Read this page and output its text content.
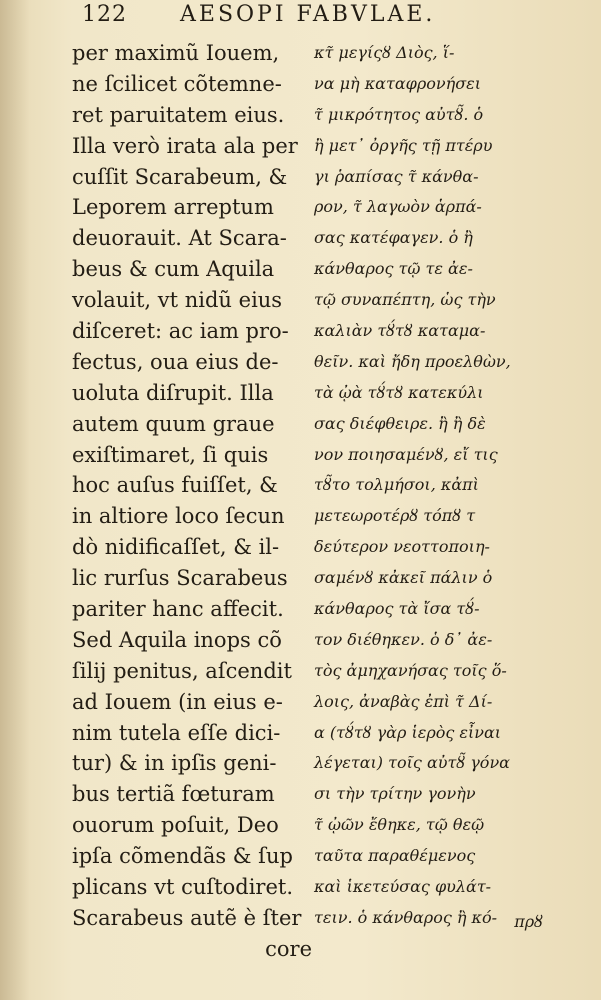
122 AESOPI FABVLAE.
per maximũ Iouem,
ne ſcilicet cõtemne-
ret paruitatem eius.
Illa verò irata ala per
cuſſit Scarabeum, &
Leporem arreptum
deuorauit. At Scara-
beus & cum Aquila
volauit, vt nidũ eius
diſceret: ac iam pro-
fectus, oua eius de-
uoluta diſrupit. Illa
autem quum graue
exiſtimaret, ſi quis
hoc auſus fuiſſet, &
in altiore loco ſecun
dò nidificaſſet, & il-
lic rurſus Scarabeus
pariter hanc affecit.
Sed Aquila inops cõ
ſilij penitus, aſcendit
ad Iouem (in eius e-
nim tutela eſſe dici-
tur) & in ipſis geni-
bus tertiã fœturam
ouorum poſuit, Deo
ipſa cõmendãs & ſup
plicans vt cuſtodiret.
Scarabeus autẽ è ſter
core
κτ̃ μεγίςȣ Διὸς, ἵ-
να μὴ καταφρονήσει
τ̃ μικρότητος αὐτȣ̃. ὁ
ἢ μετ᾽ ὀργῆς τῇ πτέρυ
γι ῥαπίσας τ̃ κάνθα-
ρον, τ̃ λαγωὸν ἁρπά-
σας κατέφαγεν. ὁ ἢ
κάνθαρος τῷ τε ἀε-
τῷ συναπέπτη, ὡς τὴν
καλιὰν τȣ́τȣ καταμα-
θεῖν. καὶ ἤδη προελθὼν,
τὰ ᾠὰ τȣ́τȣ κατεκύλι
σας διέφθειρε. ἢ ἢ δὲ
νον ποιησαμένȣ, εἴ τις
τȣ̃το τολμήσοι, κἀπὶ
μετεωροτέρȣ τόπȣ τ
δεύτερον νεοττοποιη-
σαμένȣ κἀκεῖ πάλιν ὁ
κάνθαρος τὰ ἴσα τȣ́-
τον διέθηκεν. ὁ δ᾽ ἀε-
τὸς ἀμηχανήσας τοῖς ὅ-
λοις, ἀναβὰς ἐπὶ τ̃ Δί-
α (τȣ́τȣ γὰρ ἱερὸς εἶναι
λέγεται) τοῖς αὐτȣ̃ γόνα
σι τὴν τρίτην γονὴν
τ̃ ᾠῶν ἔθηκε, τῷ θεῷ
ταῦτα παραθέμενος
καὶ ἱκετεύσας φυλάτ-
τειν. ὁ κάνθαρος ἢ κό-	πρȣ
